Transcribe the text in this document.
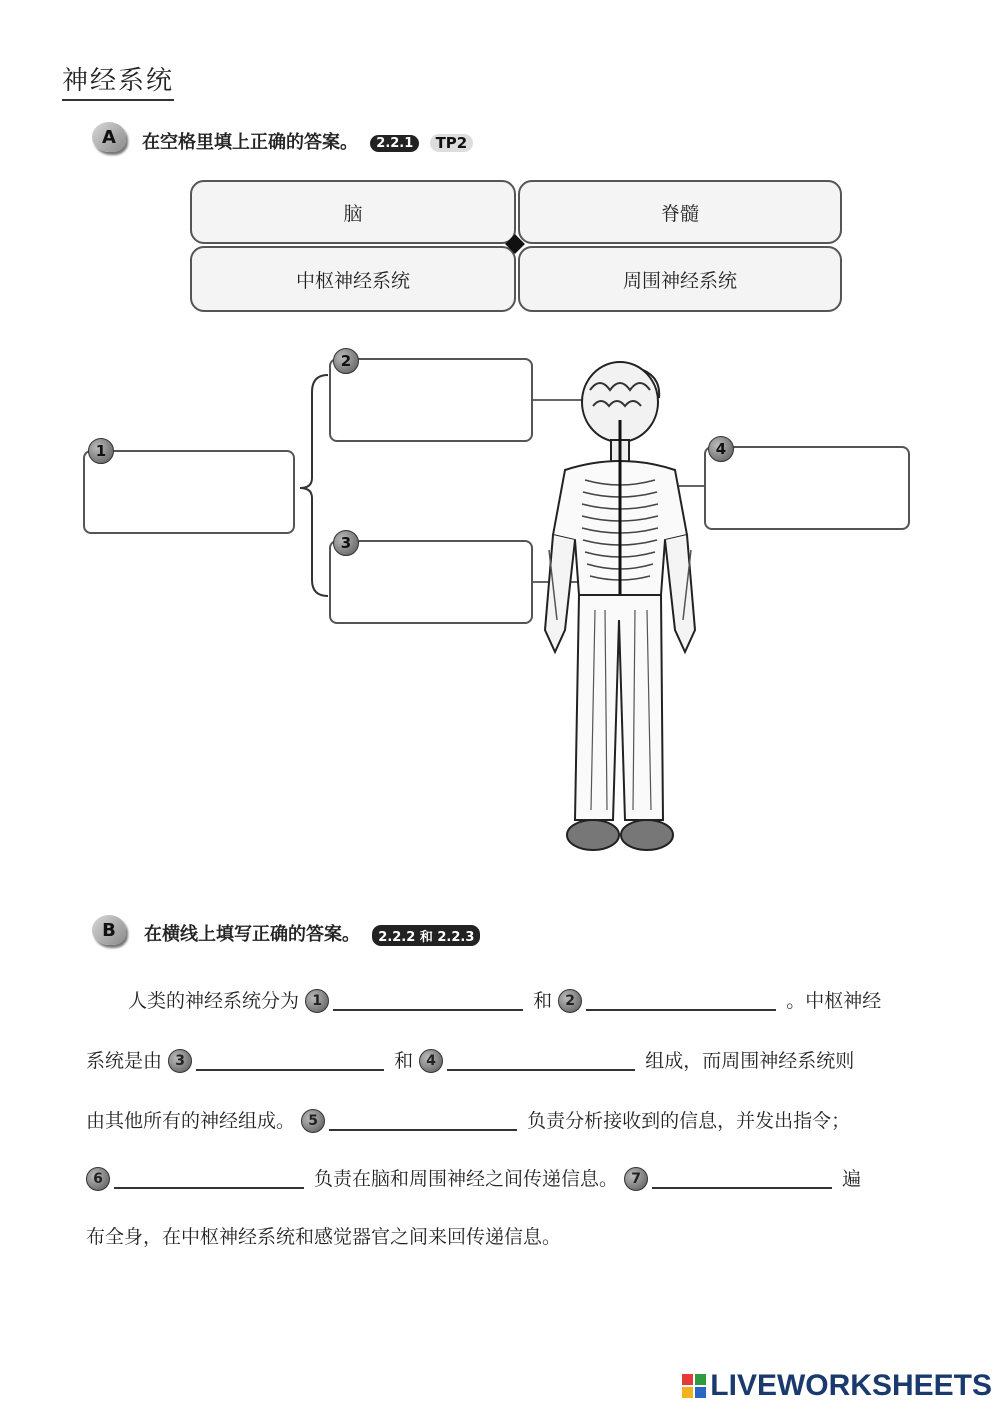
神经系统
A	在空格里填上正确的答案。 2.2.1 TP2
脑	脊髓
中枢神经系统	周围神经系统
1
2
3
4
B	在横线上填写正确的答案。 2.2.2 和 2.2.3
人类的神经系统分为 1	和 2	。中枢神经
系统是由 3	和 4	组成，而周围神经系统则
由其他所有的神经组成。 5	负责分析接收到的信息，并发出指令；
6	负责在脑和周围神经之间传递信息。 7	遍
布全身，在中枢神经系统和感觉器官之间来回传递信息。
LIVEWORKSHEETS
